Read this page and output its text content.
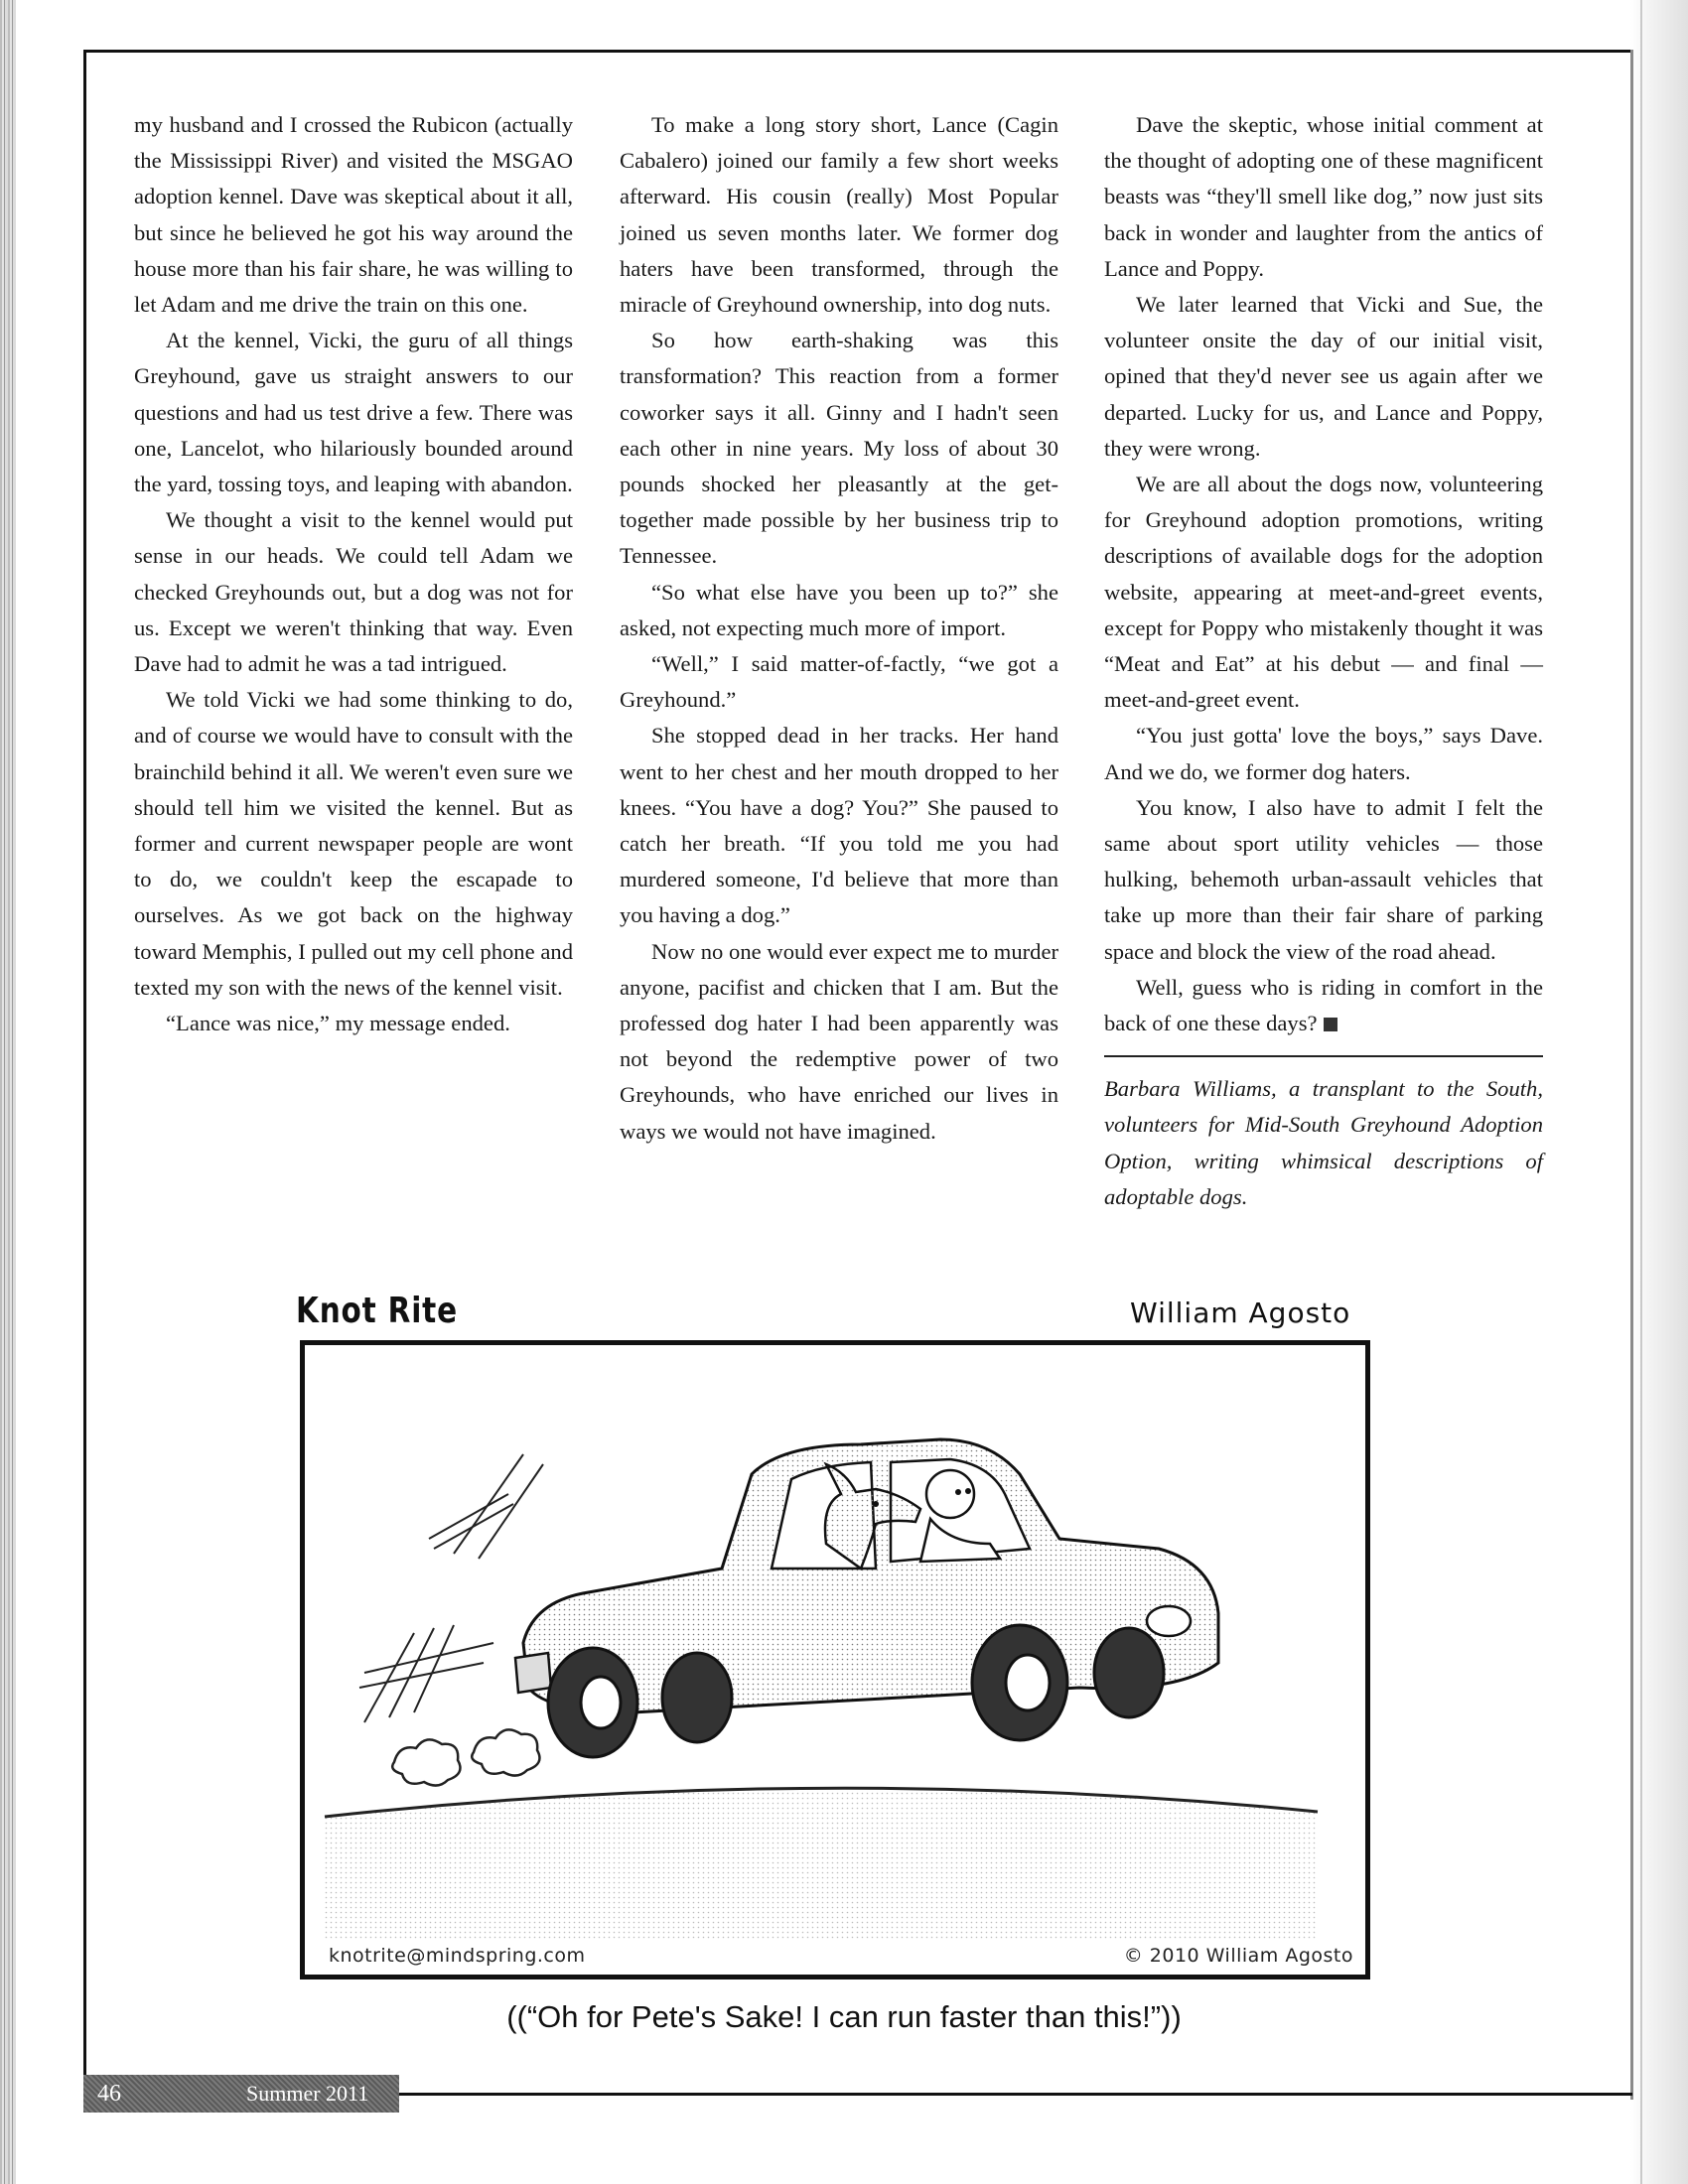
my husband and I crossed the Rubicon (actually the Mississippi River) and visited the MSGAO adoption kennel. Dave was skeptical about it all, but since he believed he got his way around the house more than his fair share, he was willing to let Adam and me drive the train on this one.

At the kennel, Vicki, the guru of all things Greyhound, gave us straight answers to our questions and had us test drive a few. There was one, Lancelot, who hilariously bounded around the yard, tossing toys, and leaping with abandon.

We thought a visit to the kennel would put sense in our heads. We could tell Adam we checked Greyhounds out, but a dog was not for us. Except we weren't thinking that way. Even Dave had to admit he was a tad intrigued.

We told Vicki we had some thinking to do, and of course we would have to consult with the brainchild behind it all. We weren't even sure we should tell him we visited the kennel. But as former and current newspaper people are wont to do, we couldn't keep the escapade to ourselves. As we got back on the highway toward Memphis, I pulled out my cell phone and texted my son with the news of the kennel visit.

“Lance was nice,” my message ended.

To make a long story short, Lance (Cagin Cabalero) joined our family a few short weeks afterward. His cousin (really) Most Popular joined us seven months later. We former dog haters have been transformed, through the miracle of Greyhound ownership, into dog nuts.

So how earth-shaking was this transformation? This reaction from a former coworker says it all. Ginny and I hadn't seen each other in nine years. My loss of about 30 pounds shocked her pleasantly at the get-together made possible by her business trip to Tennessee.

“So what else have you been up to?” she asked, not expecting much more of import.

“Well,” I said matter-of-factly, “we got a Greyhound.”

She stopped dead in her tracks. Her hand went to her chest and her mouth dropped to her knees. “You have a dog? You?” She paused to catch her breath. “If you told me you had murdered someone, I'd believe that more than you having a dog.”

Now no one would ever expect me to murder anyone, pacifist and chicken that I am. But the professed dog hater I had been apparently was not beyond the redemptive power of two Greyhounds, who have enriched our lives in ways we would not have imagined.

Dave the skeptic, whose initial comment at the thought of adopting one of these magnificent beasts was “they'll smell like dog,” now just sits back in wonder and laughter from the antics of Lance and Poppy.

We later learned that Vicki and Sue, the volunteer onsite the day of our initial visit, opined that they'd never see us again after we departed. Lucky for us, and Lance and Poppy, they were wrong.

We are all about the dogs now, volunteering for Greyhound adoption promotions, writing descriptions of available dogs for the adoption website, appearing at meet-and-greet events, except for Poppy who mistakenly thought it was “Meat and Eat” at his debut — and final — meet-and-greet event.

“You just gotta' love the boys,” says Dave. And we do, we former dog haters.

You know, I also have to admit I felt the same about sport utility vehicles — those hulking, behemoth urban-assault vehicles that take up more than their fair share of parking space and block the view of the road ahead.

Well, guess who is riding in comfort in the back of one these days?

Barbara Williams, a transplant to the South, volunteers for Mid-South Greyhound Adoption Option, writing whimsical descriptions of adoptable dogs.

Knot Rite	William Agosto
knotrite@mindspring.com	© 2010 William Agosto
((“Oh for Pete's Sake! I can run faster than this!”))
46	Summer 2011
